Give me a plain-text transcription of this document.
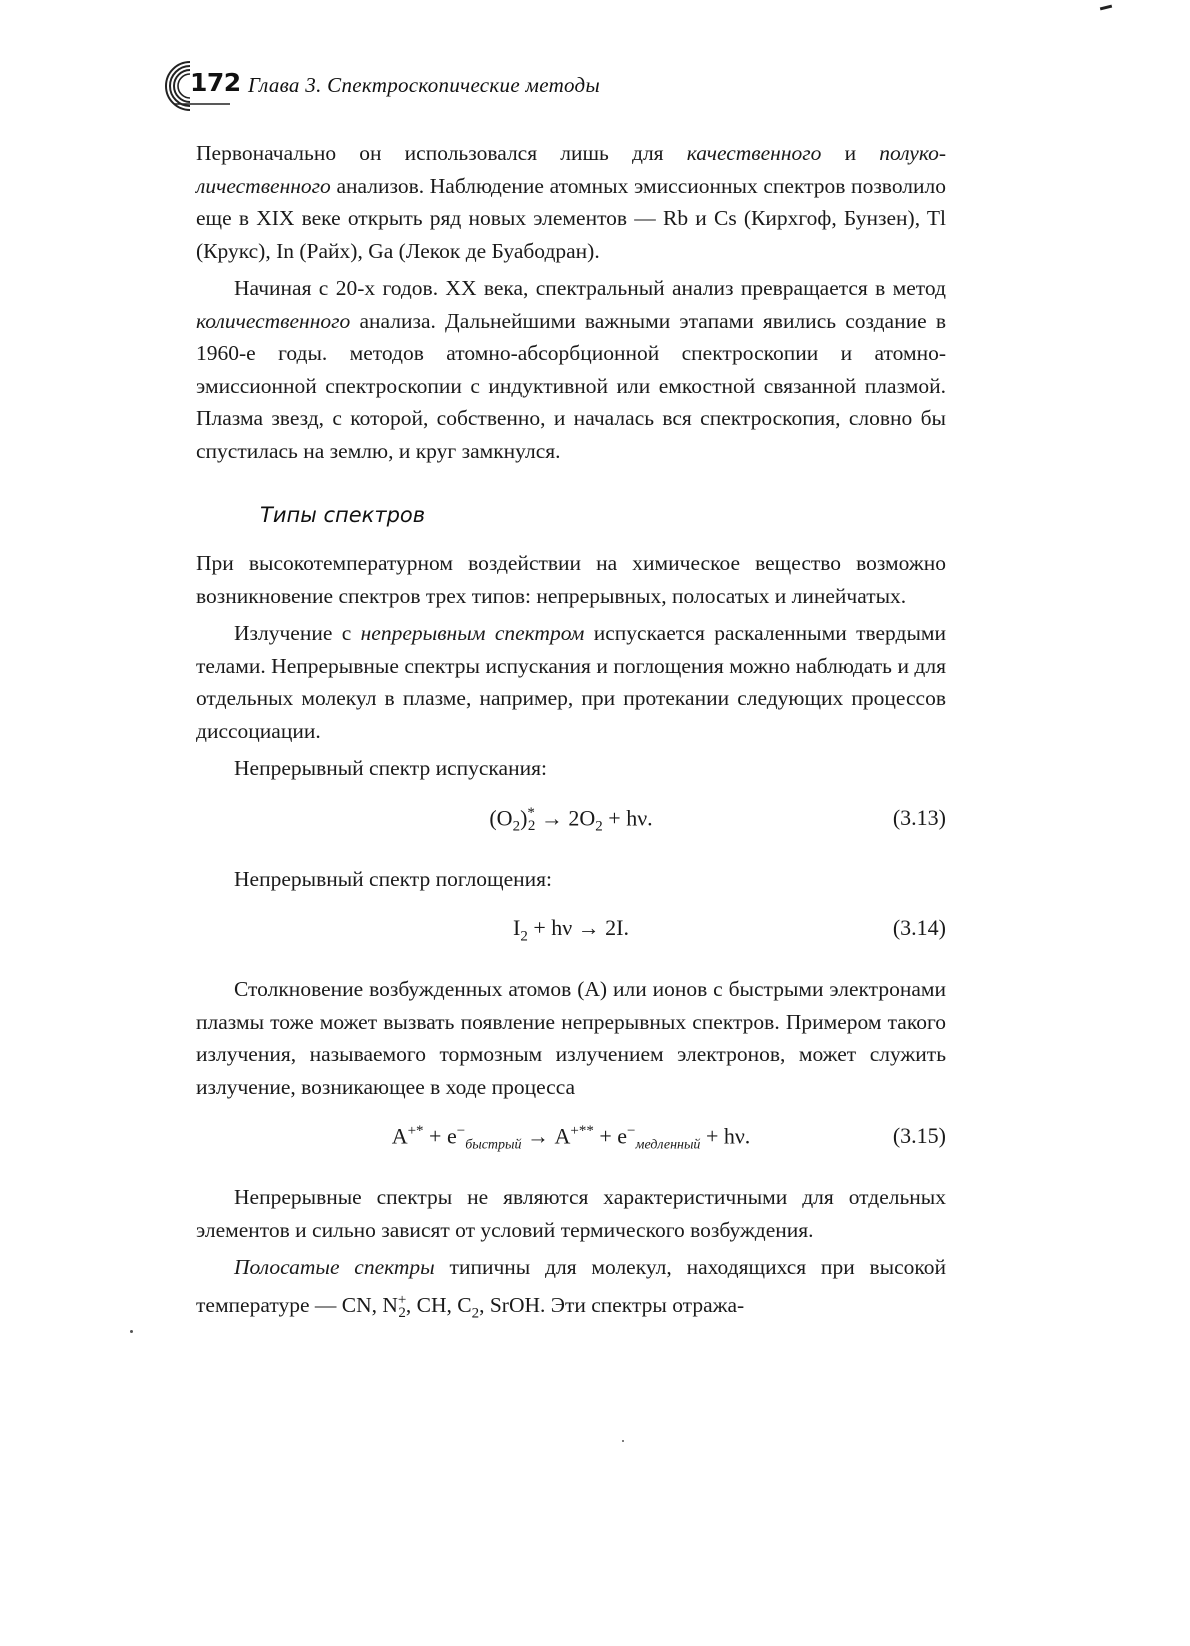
172 Глава 3. Спектроскопические методы

Первоначально он использовался лишь для качественного и полуко-личественного анализов. Наблюдение атомных эмиссионных спектров позволило еще в XIX веке открыть ряд новых элементов — Rb и Cs (Кирхгоф, Бунзен), Tl (Крукс), In (Райх), Ga (Лекок де Буабодран).

Начиная с 20-х годов. XX века, спектральный анализ превращается в метод количественного анализа. Дальнейшими важными этапами явились создание в 1960-е годы. методов атомно-абсорбционной спектроскопии и атомно-эмиссионной спектроскопии с индуктивной или емкостной связанной плазмой. Плазма звезд, с которой, собственно, и началась вся спектроскопия, словно бы спустилась на землю, и круг замкнулся.

Типы спектров

При высокотемпературном воздействии на химическое вещество возможно возникновение спектров трех типов: непрерывных, полосатых и линейчатых.

Излучение с непрерывным спектром испускается раскаленными твердыми телами. Непрерывные спектры испускания и поглощения можно наблюдать и для отдельных молекул в плазме, например, при протекании следующих процессов диссоциации.

Непрерывный спектр испускания:

$(O_2)^*_2 \to 2O_2 + h\nu$.	(3.13)

Непрерывный спектр поглощения:

$I_2 + h\nu \to 2I$.	(3.14)

Столкновение возбужденных атомов (A) или ионов с быстрыми электронами плазмы тоже может вызвать появление непрерывных спектров. Примером такого излучения, называемого тормозным излучением электронов, может служить излучение, возникающее в ходе процесса

$A^{+*} + e^-_{быстрый} \to A^{+**} + e^-_{медленный} + h\nu$.	(3.15)

Непрерывные спектры не являются характеристичными для отдельных элементов и сильно зависят от условий термического возбуждения.

Полосатые спектры типичны для молекул, находящихся при высокой температуре — CN, $N^+_2$, CH, $C_2$, SrOH. Эти спектры отража-
